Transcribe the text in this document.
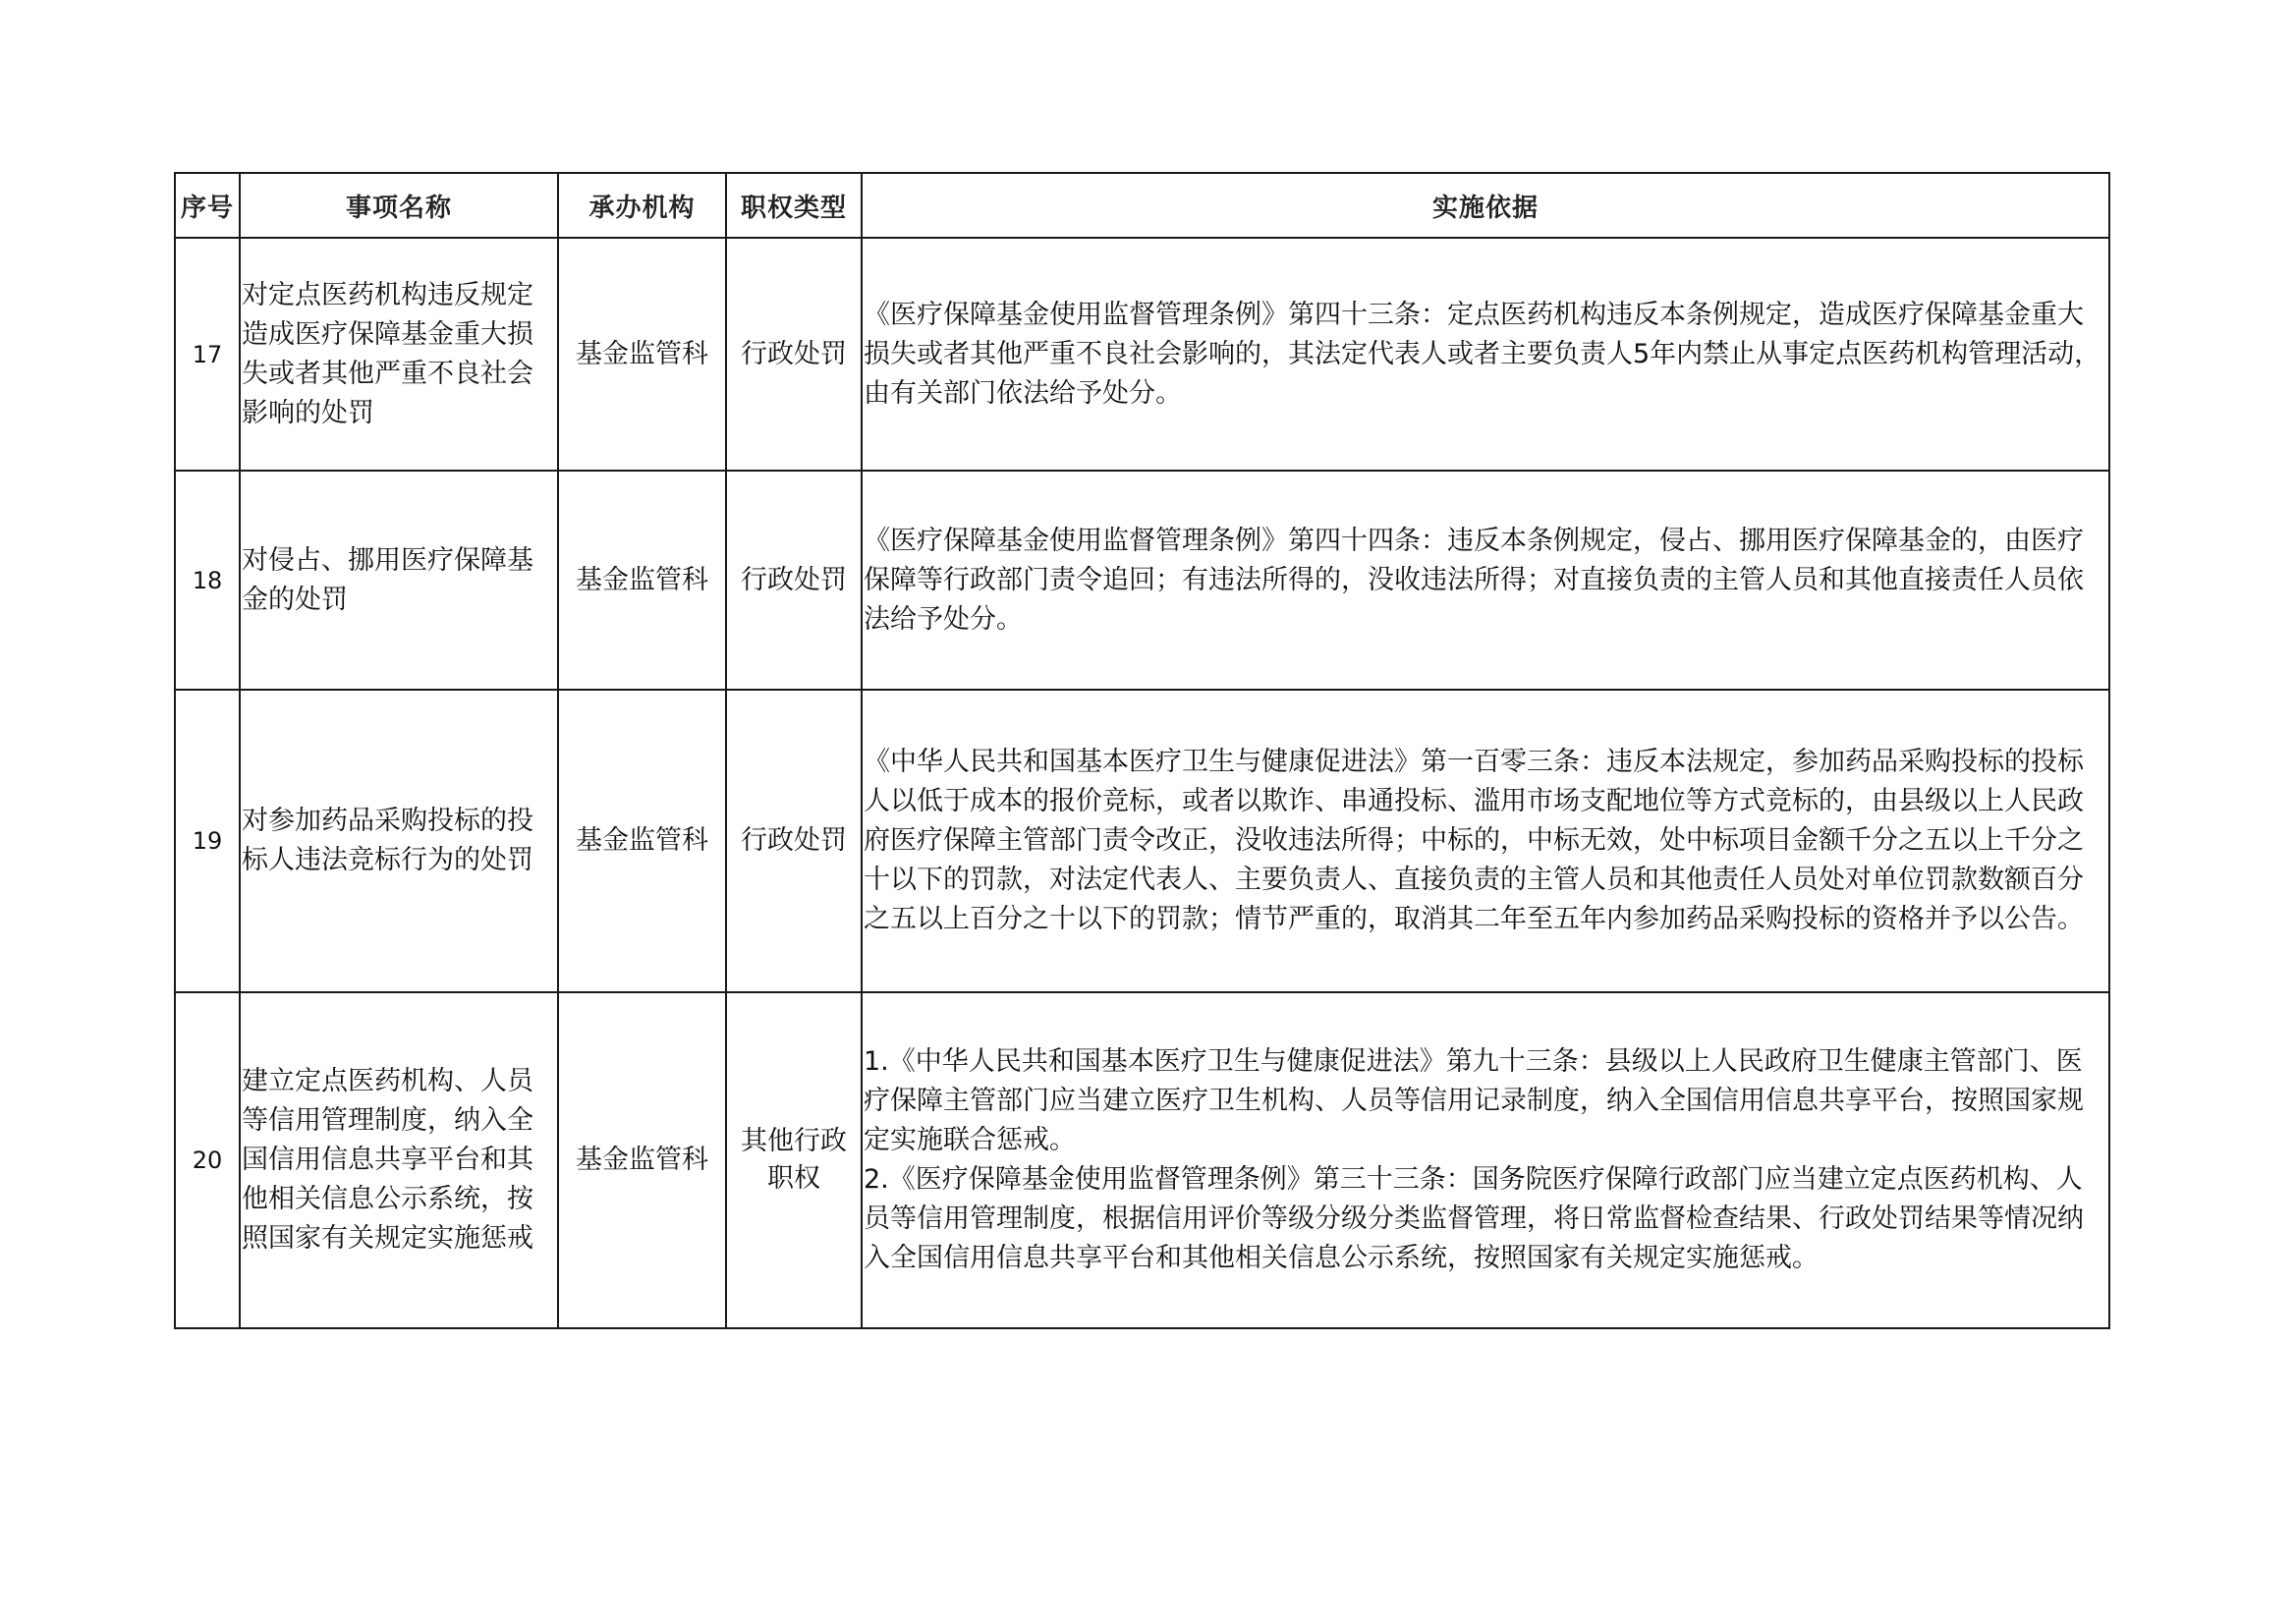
序号	事项名称	承办机构	职权类型	实施依据
17	对定点医药机构违反规定造成医疗保障基金重大损失或者其他严重不良社会影响的处罚	基金监管科	行政处罚	《医疗保障基金使用监督管理条例》第四十三条：定点医药机构违反本条例规定，造成医疗保障基金重大损失或者其他严重不良社会影响的，其法定代表人或者主要负责人5年内禁止从事定点医药机构管理活动，由有关部门依法给予处分。

18	对侵占、挪用医疗保障基金的处罚	基金监管科	行政处罚	《医疗保障基金使用监督管理条例》第四十四条：违反本条例规定，侵占、挪用医疗保障基金的，由医疗保障等行政部门责令追回；有违法所得的，没收违法所得；对直接负责的主管人员和其他直接责任人员依法给予处分。

19	对参加药品采购投标的投标人违法竞标行为的处罚	基金监管科	行政处罚	《中华人民共和国基本医疗卫生与健康促进法》第一百零三条：违反本法规定，参加药品采购投标的投标人以低于成本的报价竞标，或者以欺诈、串通投标、滥用市场支配地位等方式竞标的，由县级以上人民政府医疗保障主管部门责令改正，没收违法所得；中标的，中标无效，处中标项目金额千分之五以上千分之十以下的罚款，对法定代表人、主要负责人、直接负责的主管人员和其他责任人员处对单位罚款数额百分之五以上百分之十以下的罚款；情节严重的，取消其二年至五年内参加药品采购投标的资格并予以公告。

20	建立定点医药机构、人员等信用管理制度，纳入全国信用信息共享平台和其他相关信息公示系统，按照国家有关规定实施惩戒	基金监管科	其他行政职权	1.《中华人民共和国基本医疗卫生与健康促进法》第九十三条：县级以上人民政府卫生健康主管部门、医疗保障主管部门应当建立医疗卫生机构、人员等信用记录制度，纳入全国信用信息共享平台，按照国家规定实施联合惩戒。
2.《医疗保障基金使用监督管理条例》第三十三条：国务院医疗保障行政部门应当建立定点医药机构、人员等信用管理制度，根据信用评价等级分级分类监督管理，将日常监督检查结果、行政处罚结果等情况纳入全国信用信息共享平台和其他相关信息公示系统，按照国家有关规定实施惩戒。
